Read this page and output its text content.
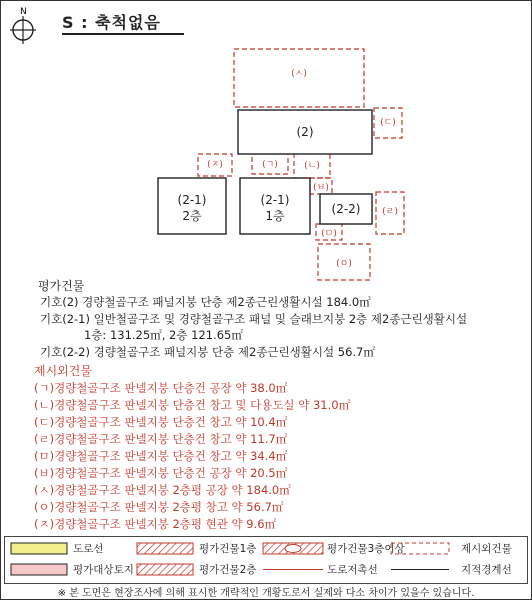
N
S : 축척없음
(2)
(2-1)
2층
(2-1)
1층	(2-2)
(ㅅ)
(ㄷ)
(ㅈ)	(ㄱ)	(ㄴ)
(ㅂ)
(ㄹ)
(ㅁ)
(ㅇ)
평가건물
기호(2) 경량철골구조 패널지붕 단층 제2종근린생활시설 184.0㎡
기호(2-1) 일반철골구조 및 경량철골구조 패널 및 슬래브지붕 2층 제2종근린생활시설
1층: 131.25㎡, 2층 121.65㎡
기호(2-2) 경량철골구조 패널지붕 단층 제2종근린생활시설 56.7㎡
제시외건물
(ㄱ)경량철골구조 판넬지붕 단층건 공장 약 38.0㎡
(ㄴ)경량철골구조 판넬지붕 단층건 창고 및 다용도실 약 31.0㎡
(ㄷ)경량철골구조 판넬지붕 단층건 창고 약 10.4㎡
(ㄹ)경량철골구조 판넬지붕 단층건 창고 약 11.7㎡
(ㅁ)경량철골구조 판넬지붕 단층건 창고 약 34.4㎡
(ㅂ)경량철골구조 판넬지붕 단층건 공장 약 20.5㎡
(ㅅ)경량철골구조 판넬지붕 2층평 공장 약 184.0㎡
(ㅇ)경량철골구조 판넬지붕 2층평 창고 약 56.7㎡
(ㅈ)경량철골구조 판넬지붕 2층평 현관 약 9.6㎡
도로선	평가건물1층	평가건물3층이상	제시외건물
평가대상토지	평가건물2층	도로저촉선	지적경계선
※ 본 도면은 현장조사에 의해 표시한 개략적인 개황도로서 실제와 다소 차이가 있을수 있습니다.
